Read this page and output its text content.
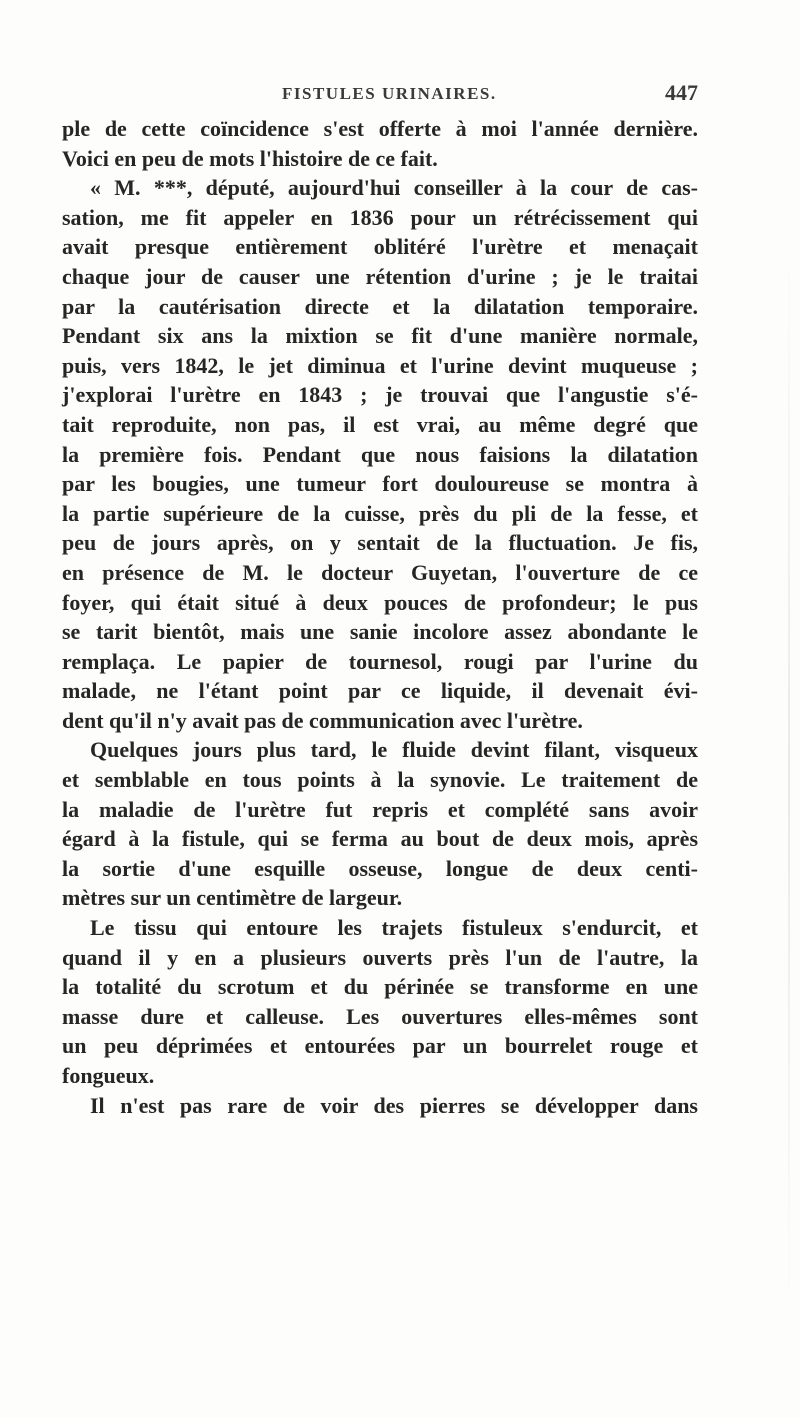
FISTULES URINAIRES.	447
ple de cette coïncidence s'est offerte à moi l'année dernière.
Voici en peu de mots l'histoire de ce fait.
« M. ***, député, aujourd'hui conseiller à la cour de cas-
sation, me fit appeler en 1836 pour un rétrécissement qui
avait presque entièrement oblitéré l'urètre et menaçait
chaque jour de causer une rétention d'urine ; je le traitai
par la cautérisation directe et la dilatation temporaire.
Pendant six ans la mixtion se fit d'une manière normale,
puis, vers 1842, le jet diminua et l'urine devint muqueuse ;
j'explorai l'urètre en 1843 ; je trouvai que l'angustie s'é-
tait reproduite, non pas, il est vrai, au même degré que
la première fois. Pendant que nous faisions la dilatation
par les bougies, une tumeur fort douloureuse se montra à
la partie supérieure de la cuisse, près du pli de la fesse, et
peu de jours après, on y sentait de la fluctuation. Je fis,
en présence de M. le docteur Guyetan, l'ouverture de ce
foyer, qui était situé à deux pouces de profondeur; le pus
se tarit bientôt, mais une sanie incolore assez abondante le
remplaça. Le papier de tournesol, rougi par l'urine du
malade, ne l'étant point par ce liquide, il devenait évi-
dent qu'il n'y avait pas de communication avec l'urètre.
Quelques jours plus tard, le fluide devint filant, visqueux
et semblable en tous points à la synovie. Le traitement de
la maladie de l'urètre fut repris et complété sans avoir
égard à la fistule, qui se ferma au bout de deux mois, après
la sortie d'une esquille osseuse, longue de deux centi-
mètres sur un centimètre de largeur.
Le tissu qui entoure les trajets fistuleux s'endurcit, et
quand il y en a plusieurs ouverts près l'un de l'autre, la
la totalité du scrotum et du périnée se transforme en une
masse dure et calleuse. Les ouvertures elles-mêmes sont
un peu déprimées et entourées par un bourrelet rouge et
fongueux.
Il n'est pas rare de voir des pierres se développer dans
